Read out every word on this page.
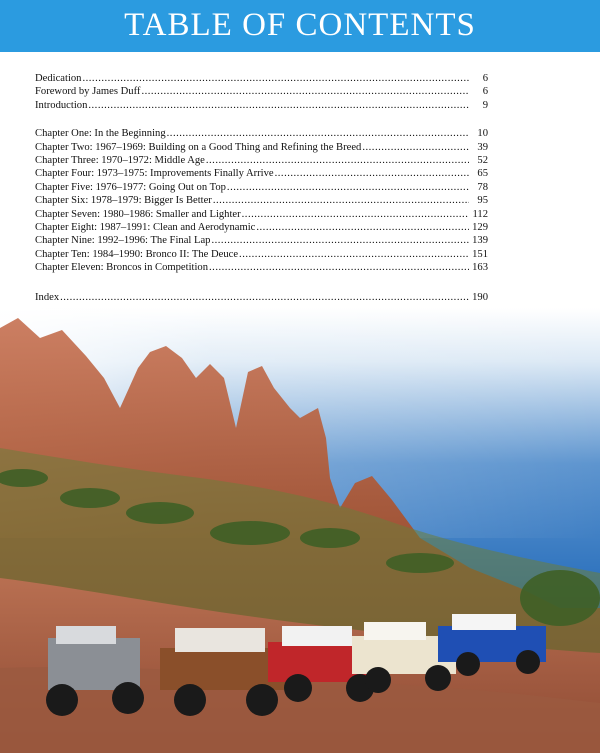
TABLE OF CONTENTS
Dedication .....	6
Foreword by James Duff .....	6
Introduction .....	9
Chapter One: In the Beginning .....	10
Chapter Two: 1967–1969: Building on a Good Thing and Refining the Breed .....	39
Chapter Three: 1970–1972: Middle Age .....	52
Chapter Four: 1973–1975: Improvements Finally Arrive .....	65
Chapter Five: 1976–1977: Going Out on Top .....	78
Chapter Six: 1978–1979: Bigger Is Better .....	95
Chapter Seven: 1980–1986: Smaller and Lighter .....	112
Chapter Eight: 1987–1991: Clean and Aerodynamic .....	129
Chapter Nine: 1992–1996: The Final Lap .....	139
Chapter Ten: 1984–1990: Bronco II: The Deuce .....	151
Chapter Eleven: Broncos in Competition .....	163
Index .....	190
